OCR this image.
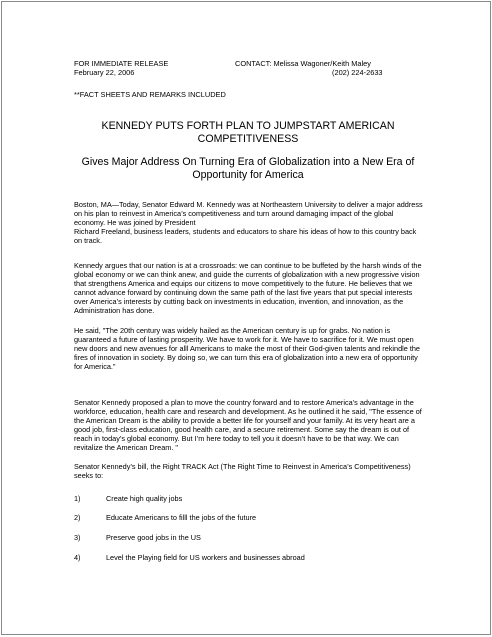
FOR IMMEDIATE RELEASE
February 22, 2006
CONTACT: Melissa Wagoner/Keith Maley
(202) 224-2633
**FACT SHEETS AND REMARKS INCLUDED
KENNEDY PUTS FORTH PLAN TO JUMPSTART AMERICAN COMPETITIVENESS
Gives Major Address On Turning Era of Globalization into a New Era of Opportunity for America

Boston, MA—Today, Senator Edward M. Kennedy was at Northeastern University to deliver a major address on his plan to reinvest in America’s competitiveness and turn around damaging impact of the global economy. He was joined by President

Richard Freeland, business leaders, students and educators to share his ideas of how to this country back on track.

Kennedy argues that our nation is at a crossroads: we can continue to be buffeted by the harsh winds of the global economy or we can think anew, and guide the currents of globalization with a new progressive vision that strengthens America and equips our citizens to move competitively to the future. He believes that we cannot advance forward by continuing down the same path of the last five years that put special interests over America’s interests by cutting back on investments in education, invention, and innovation, as the Administration has done.

He said, "The 20th century was widely hailed as the American century is up for grabs. No nation is guaranteed a future of lasting prosperity. We have to work for it. We have to sacrifice for it. We must open new doors and new avenues for alll Americans to make the most of their God-given talents and rekindle the fires of innovation in society. By doing so, we can turn this era of globalization into a new era of opportunity for America."

Senator Kennedy proposed a plan to move the country forward and to restore America’s advantage in the workforce, education, health care and research and development. As he outlined it he said, "The essence of the American Dream is the ability to provide a better life for yourself and your family. At its very heart are a good job, first-class education, good health care, and a secure retirement. Some say the dream is out of reach in today’s global economy. But I’m here today to tell you it doesn’t have to be that way. We can revitalize the American Dream. "

Senator Kennedy’s bill, the Right TRACK Act (The Right Time to Reinvest in America’s Competitiveness) seeks to:

1)	Create high quality jobs
2)	Educate Americans to filll the jobs of the future
3)	Preserve good jobs in the US
4)	Level the Playing field for US workers and businesses abroad
